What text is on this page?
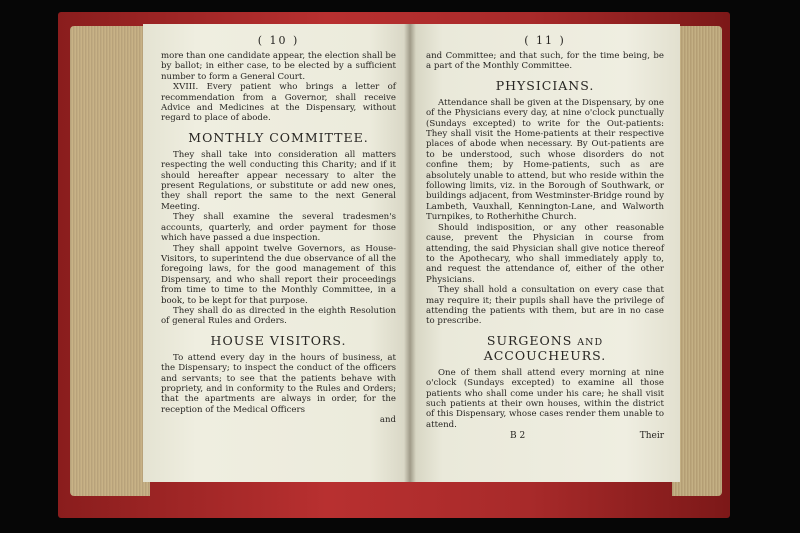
( 10 )

more than one candidate appear, the election shall be by ballot; in either case, to be elected by a sufficient number to form a General Court.

XVIII. Every patient who brings a letter of recommendation from a Governor, shall receive Advice and Medicines at the Dispensary, without regard to place of abode.

MONTHLY COMMITTEE.

They shall take into consideration all matters respecting the well conducting this Charity; and if it should hereafter appear necessary to alter the present Regulations, or substitute or add new ones, they shall report the same to the next General Meeting.

They shall examine the several tradesmen's accounts, quarterly, and order payment for those which have passed a due inspection.

They shall appoint twelve Governors, as House-Visitors, to superintend the due observance of all the foregoing laws, for the good management of this Dispensary, and who shall report their proceedings from time to time to the Monthly Committee, in a book, to be kept for that purpose.

They shall do as directed in the eighth Resolution of general Rules and Orders.

HOUSE VISITORS.

To attend every day in the hours of business, at the Dispensary; to inspect the conduct of the officers and servants; to see that the patients behave with propriety, and in conformity to the Rules and Orders; that the apartments are always in order, for the reception of the Medical Officers

and
( 11 )

and Committee; and that such, for the time being, be a part of the Monthly Committee.

PHYSICIANS.

Attendance shall be given at the Dispensary, by one of the Physicians every day, at nine o'clock punctually (Sundays excepted) to write for the Out-patients: They shall visit the Home-patients at their respective places of abode when necessary. By Out-patients are to be understood, such whose disorders do not confine them; by Home-patients, such as are absolutely unable to attend, but who reside within the following limits, viz. in the Borough of Southwark, or buildings adjacent, from Westminster-Bridge round by Lambeth, Vauxhall, Kennington-Lane, and Walworth Turnpikes, to Rotherhithe Church.

Should indisposition, or any other reasonable cause, prevent the Physician in course from attending, the said Physician shall give notice thereof to the Apothecary, who shall immediately apply to, and request the attendance of, either of the other Physicians.

They shall hold a consultation on every case that may require it; their pupils shall have the privilege of attending the patients with them, but are in no case to prescribe.

SURGEONS AND ACCOUCHEURS.

One of them shall attend every morning at nine o'clock (Sundays excepted) to examine all those patients who shall come under his care; he shall visit such patients at their own houses, within the district of this Dispensary, whose cases render them unable to attend.

B 2	Their
